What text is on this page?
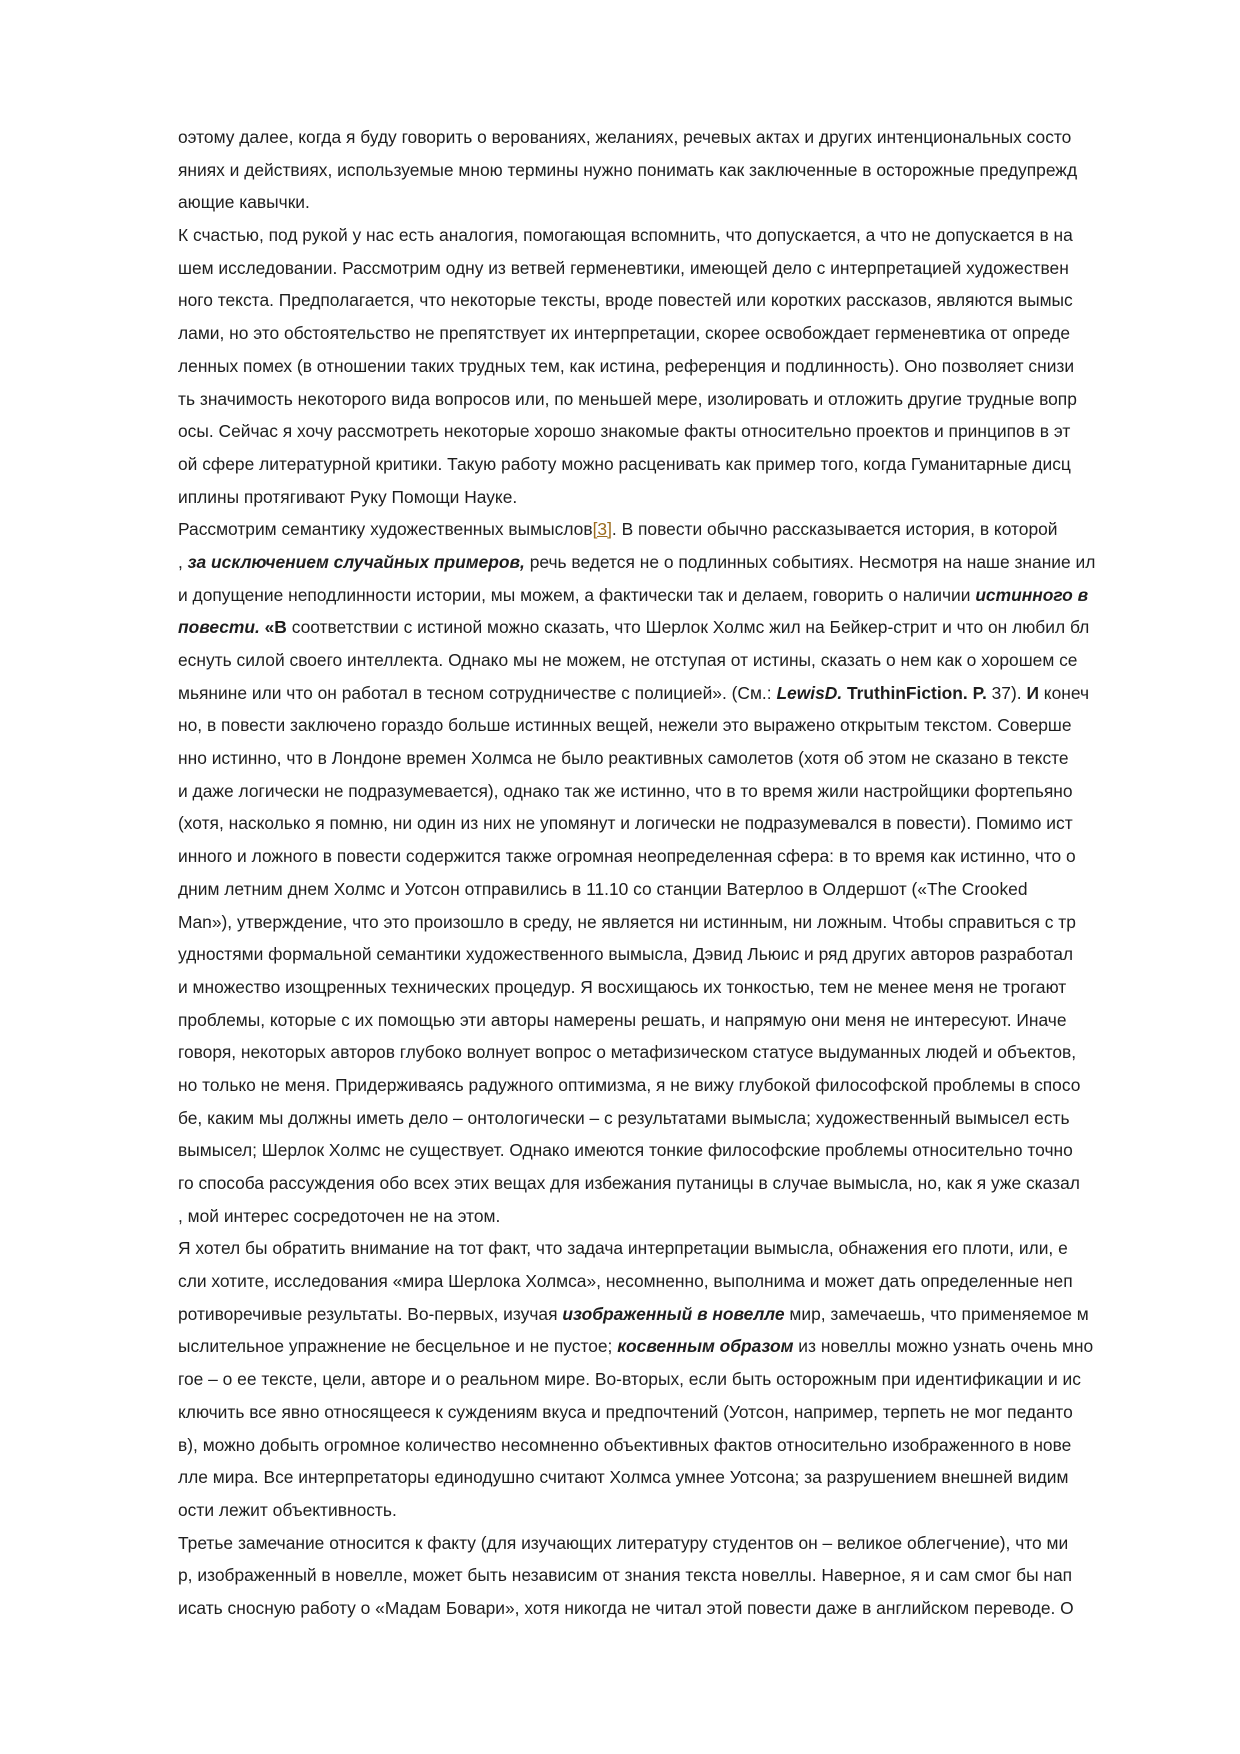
оэтому далее, когда я буду говорить о верованиях, желаниях, речевых актах и других интенциональных состо
яниях и действиях, используемые мною термины нужно понимать как заключенные в осторожные предупрежд
ающие кавычки.
К счастью, под рукой у нас есть аналогия, помогающая вспомнить, что допускается, а что не допускается в на
шем исследовании. Рассмотрим одну из ветвей герменевтики, имеющей дело с интерпретацией художествен
ного текста. Предполагается, что некоторые тексты, вроде повестей или коротких рассказов, являются вымыс
лами, но это обстоятельство не препятствует их интерпретации, скорее освобождает герменевтика от опреде
ленных помех (в отношении таких трудных тем, как истина, референция и подлинность). Оно позволяет снизи
ть значимость некоторого вида вопросов или, по меньшей мере, изолировать и отложить другие трудные вопр
осы. Сейчас я хочу рассмотреть некоторые хорошо знакомые факты относительно проектов и принципов в эт
ой сфере литературной критики. Такую работу можно расценивать как пример того, когда Гуманитарные дисц
иплины протягивают Руку Помощи Науке.
Рассмотрим семантику художественных вымыслов[3]. В повести обычно рассказывается история, в которой
, за исключением случайных примеров, речь ведется не о подлинных событиях. Несмотря на наше знание ил
и допущение неподлинности истории, мы можем, а фактически так и делаем, говорить о наличии истинного в
повести. «В соответствии с истиной можно сказать, что Шерлок Холмс жил на Бейкер-стрит и что он любил бл
еснуть силой своего интеллекта. Однако мы не можем, не отступая от истины, сказать о нем как о хорошем се
мьянине или что он работал в тесном сотрудничестве с полицией». (См.: LewisD. TruthinFiction. P. 37). И конеч
но, в повести заключено гораздо больше истинных вещей, нежели это выражено открытым текстом. Соверше
нно истинно, что в Лондоне времен Холмса не было реактивных самолетов (хотя об этом не сказано в тексте
и даже логически не подразумевается), однако так же истинно, что в то время жили настройщики фортепьяно
(хотя, насколько я помню, ни один из них не упомянут и логически не подразумевался в повести). Помимо ист
инного и ложного в повести содержится также огромная неопределенная сфера: в то время как истинно, что о
дним летним днем Холмс и Уотсон отправились в 11.10 со станции Ватерлоо в Олдершот («The Crooked
Man»), утверждение, что это произошло в среду, не является ни истинным, ни ложным. Чтобы справиться с тр
удностями формальной семантики художественного вымысла, Дэвид Льюис и ряд других авторов разработал
и множество изощренных технических процедур. Я восхищаюсь их тонкостью, тем не менее меня не трогают
проблемы, которые с их помощью эти авторы намерены решать, и напрямую они меня не интересуют. Иначе
говоря, некоторых авторов глубоко волнует вопрос о метафизическом статусе выдуманных людей и объектов,
но только не меня. Придерживаясь радужного оптимизма, я не вижу глубокой философской проблемы в спосо
бе, каким мы должны иметь дело – онтологически – с результатами вымысла; художественный вымысел есть
вымысел; Шерлок Холмс не существует. Однако имеются тонкие философские проблемы относительно точно
го способа рассуждения обо всех этих вещах для избежания путаницы в случае вымысла, но, как я уже сказал
, мой интерес сосредоточен не на этом.
Я хотел бы обратить внимание на тот факт, что задача интерпретации вымысла, обнажения его плоти, или, е
сли хотите, исследования «мира Шерлока Холмса», несомненно, выполнима и может дать определенные неп
ротиворечивые результаты. Во-первых, изучая изображенный в новелле мир, замечаешь, что применяемое м
ыслительное упражнение не бесцельное и не пустое; косвенным образом из новеллы можно узнать очень мно
гое – о ее тексте, цели, авторе и о реальном мире. Во-вторых, если быть осторожным при идентификации и ис
ключить все явно относящееся к суждениям вкуса и предпочтений (Уотсон, например, терпеть не мог педанто
в), можно добыть огромное количество несомненно объективных фактов относительно изображенного в нове
лле мира. Все интерпретаторы единодушно считают Холмса умнее Уотсона; за разрушением внешней видим
ости лежит объективность.
Третье замечание относится к факту (для изучающих литературу студентов он – великое облегчение), что ми
р, изображенный в новелле, может быть независим от знания текста новеллы. Наверное, я и сам смог бы нап
исать сносную работу о «Мадам Бовари», хотя никогда не читал этой повести даже в английском переводе. О
